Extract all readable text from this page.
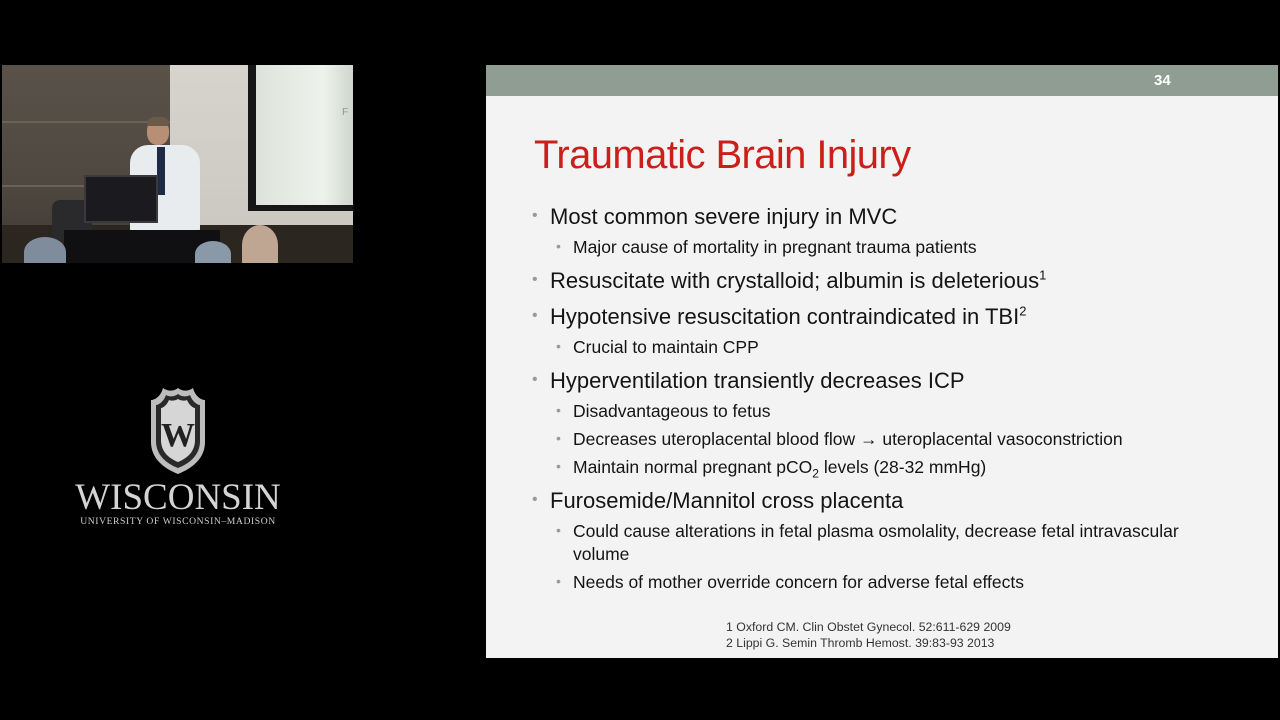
F
W
WISCONSIN
UNIVERSITY OF WISCONSIN–MADISON
34
Traumatic Brain Injury
• Most common severe injury in MVC
• Major cause of mortality in pregnant trauma patients
• Resuscitate with crystalloid; albumin is deleterious$^1$
• Hypotensive resuscitation contraindicated in TBI$^2$
• Crucial to maintain CPP
• Hyperventilation transiently decreases ICP
• Disadvantageous to fetus
• Decreases uteroplacental blood flow → uteroplacental vasoconstriction
• Maintain normal pregnant pCO$_2$ levels (28-32 mmHg)
• Furosemide/Mannitol cross placenta
• Could cause alterations in fetal plasma osmolality, decrease fetal intravascular volume
• Needs of mother override concern for adverse fetal effects
1 Oxford CM. Clin Obstet Gynecol. 52:611-629 2009
2 Lippi G. Semin Thromb Hemost. 39:83-93 2013
